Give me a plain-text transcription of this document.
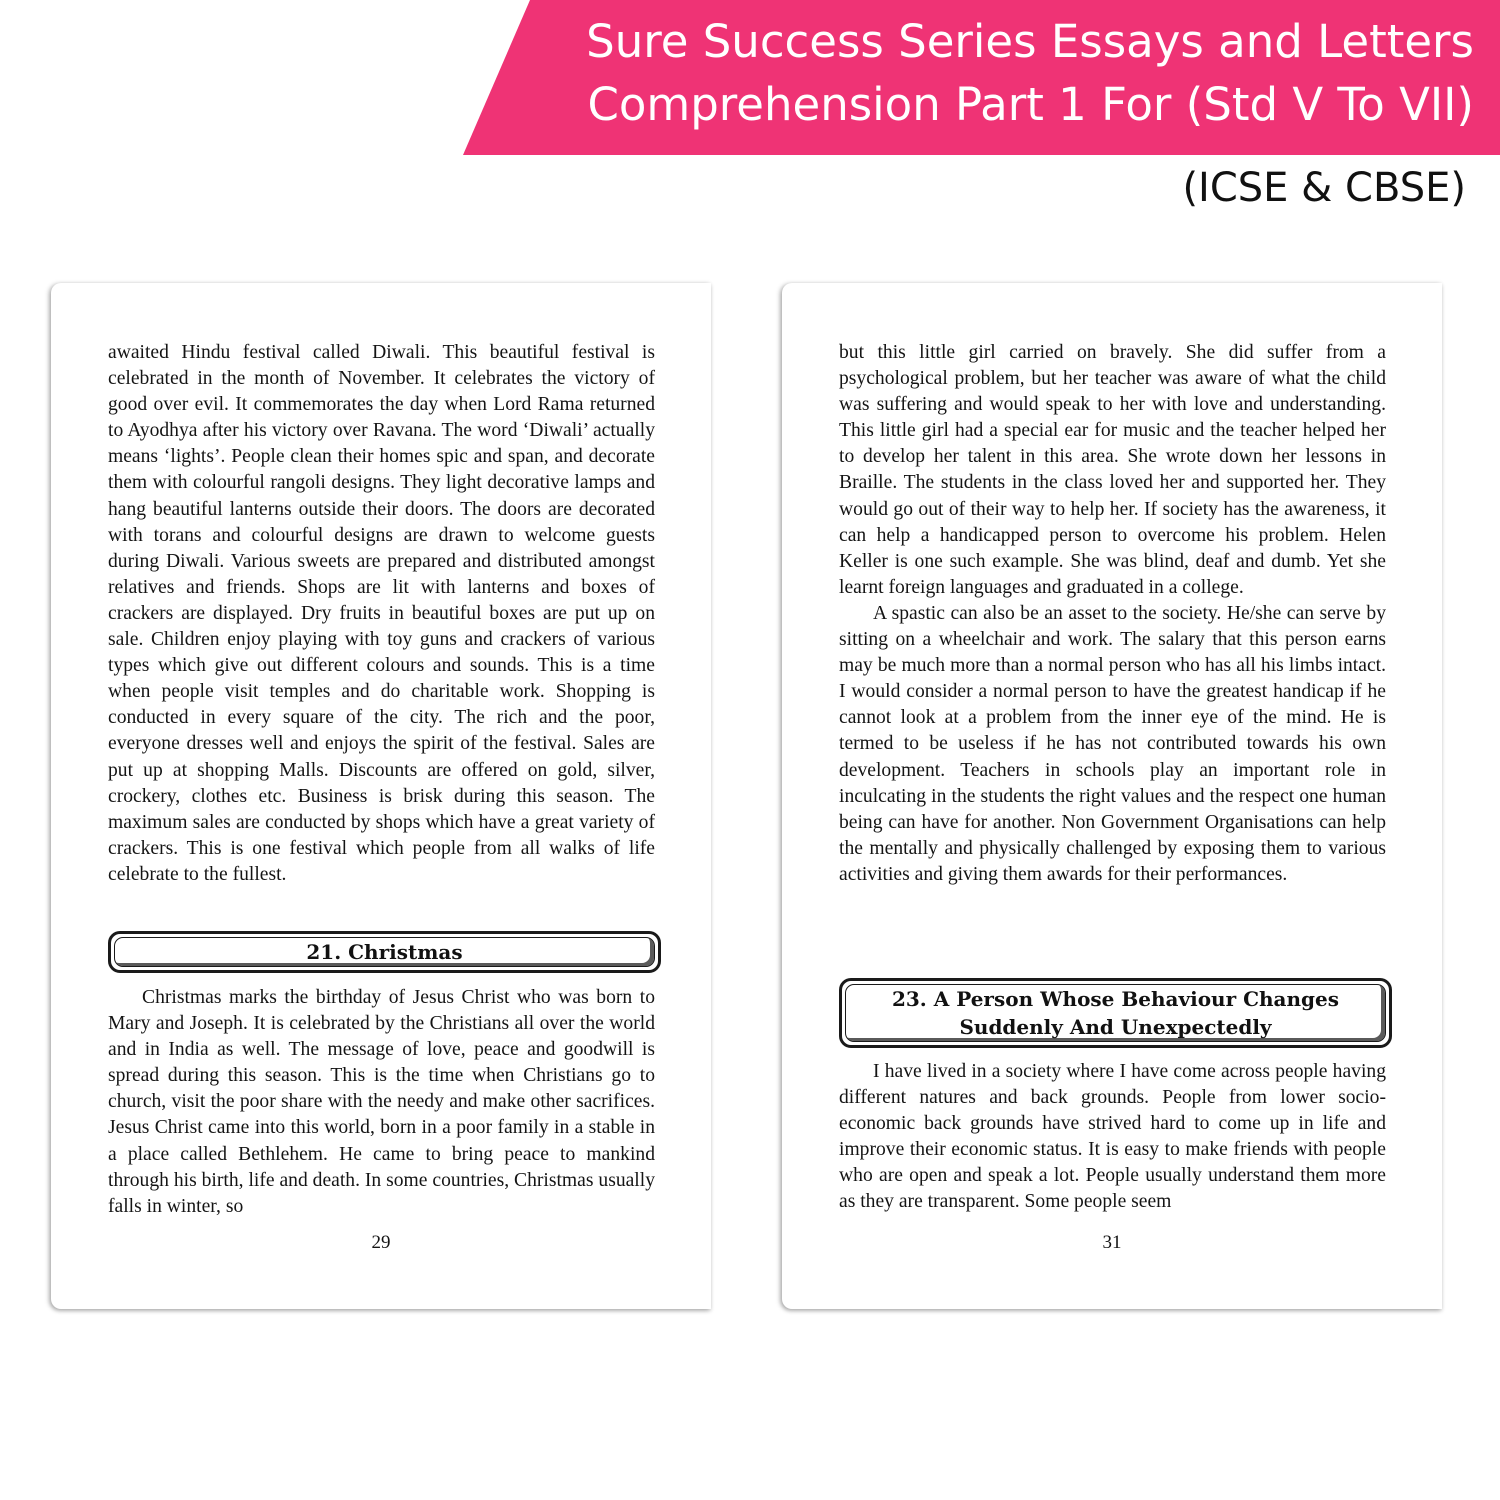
Sure Success Series Essays and Letters
Comprehension Part 1 For (Std V To VII)
(ICSE & CBSE)

awaited Hindu festival called Diwali. This beautiful festival is celebrated in the month of November. It celebrates the victory of good over evil. It commemorates the day when Lord Rama returned to Ayodhya after his victory over Ravana. The word ‘Diwali’ actually means ‘lights’. People clean their homes spic and span, and decorate them with colourful rangoli designs. They light decorative lamps and hang beautiful lanterns outside their doors. The doors are decorated with torans and colourful designs are drawn to welcome guests during Diwali. Various sweets are prepared and distributed amongst relatives and friends. Shops are lit with lanterns and boxes of crackers are displayed. Dry fruits in beautiful boxes are put up on sale. Children enjoy playing with toy guns and crackers of various types which give out different colours and sounds. This is a time when people visit temples and do charitable work. Shopping is conducted in every square of the city. The rich and the poor, everyone dresses well and enjoys the spirit of the festival. Sales are put up at shopping Malls. Discounts are offered on gold, silver, crockery, clothes etc. Business is brisk during this season. The maximum sales are conducted by shops which have a great variety of crackers. This is one festival which people from all walks of life celebrate to the fullest.

21. Christmas

Christmas marks the birthday of Jesus Christ who was born to Mary and Joseph. It is celebrated by the Christians all over the world and in India as well. The message of love, peace and goodwill is spread during this season. This is the time when Christians go to church, visit the poor share with the needy and make other sacrifices. Jesus Christ came into this world, born in a poor family in a stable in a place called Bethlehem. He came to bring peace to mankind through his birth, life and death. In some countries, Christmas usually falls in winter, so

29

but this little girl carried on bravely. She did suffer from a psychological problem, but her teacher was aware of what the child was suffering and would speak to her with love and understanding. This little girl had a special ear for music and the teacher helped her to develop her talent in this area. She wrote down her lessons in Braille. The students in the class loved her and supported her. They would go out of their way to help her. If society has the awareness, it can help a handicapped person to overcome his problem. Helen Keller is one such example. She was blind, deaf and dumb. Yet she learnt foreign languages and graduated in a college.

A spastic can also be an asset to the society. He/she can serve by sitting on a wheelchair and work. The salary that this person earns may be much more than a normal person who has all his limbs intact. I would consider a normal person to have the greatest handicap if he cannot look at a problem from the inner eye of the mind. He is termed to be useless if he has not contributed towards his own development. Teachers in schools play an important role in inculcating in the students the right values and the respect one human being can have for another. Non Government Organisations can help the mentally and physically challenged by exposing them to various activities and giving them awards for their performances.

23. A Person Whose Behaviour Changes
Suddenly And Unexpectedly

I have lived in a society where I have come across people having different natures and back grounds. People from lower socio-economic back grounds have strived hard to come up in life and improve their economic status. It is easy to make friends with people who are open and speak a lot. People usually understand them more as they are transparent. Some people seem

31
